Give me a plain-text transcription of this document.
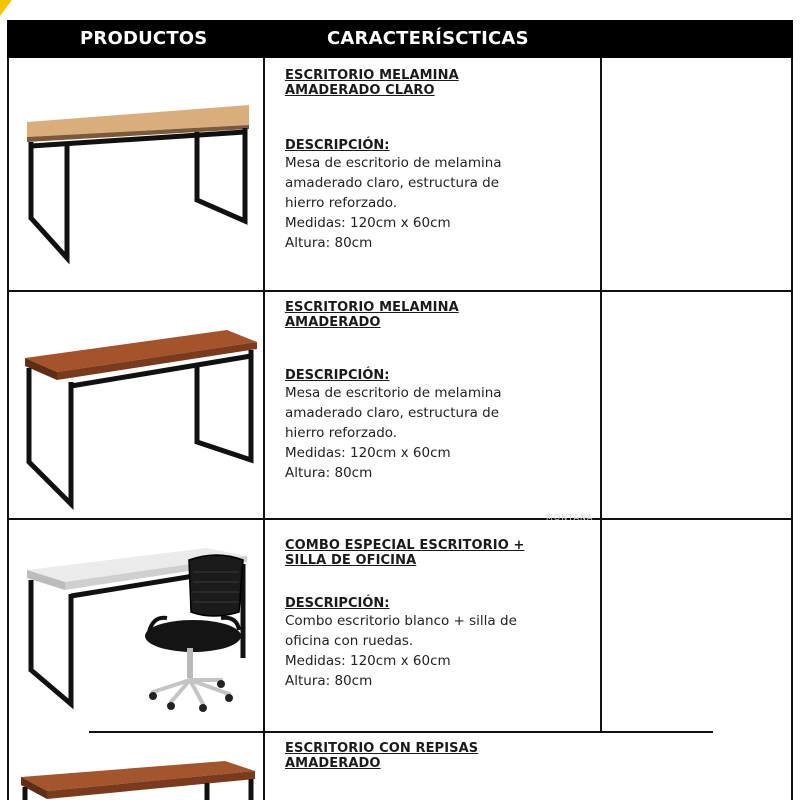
PRODUCTOS	CARACTERÍSCTICAS
ESCRITORIO MELAMINA
AMADERADO CLARO
DESCRIPCIÓN:
Mesa de escritorio de melamina
amaderado claro, estructura de
hierro reforzado.
Medidas: 120cm x 60cm
Altura: 80cm
ESCRITORIO MELAMINA
AMADERADO
DESCRIPCIÓN:
Mesa de escritorio de melamina
amaderado claro, estructura de
hierro reforzado.
Medidas: 120cm x 60cm
Altura: 80cm
COMBO ESPECIAL ESCRITORIO +
SILLA DE OFICINA
DESCRIPCIÓN:
Combo escritorio blanco + silla de
oficina con ruedas.
Medidas: 120cm x 60cm
Altura: 80cm
ESCRITORIO CON REPISAS
AMADERADO
MONTAÑA
